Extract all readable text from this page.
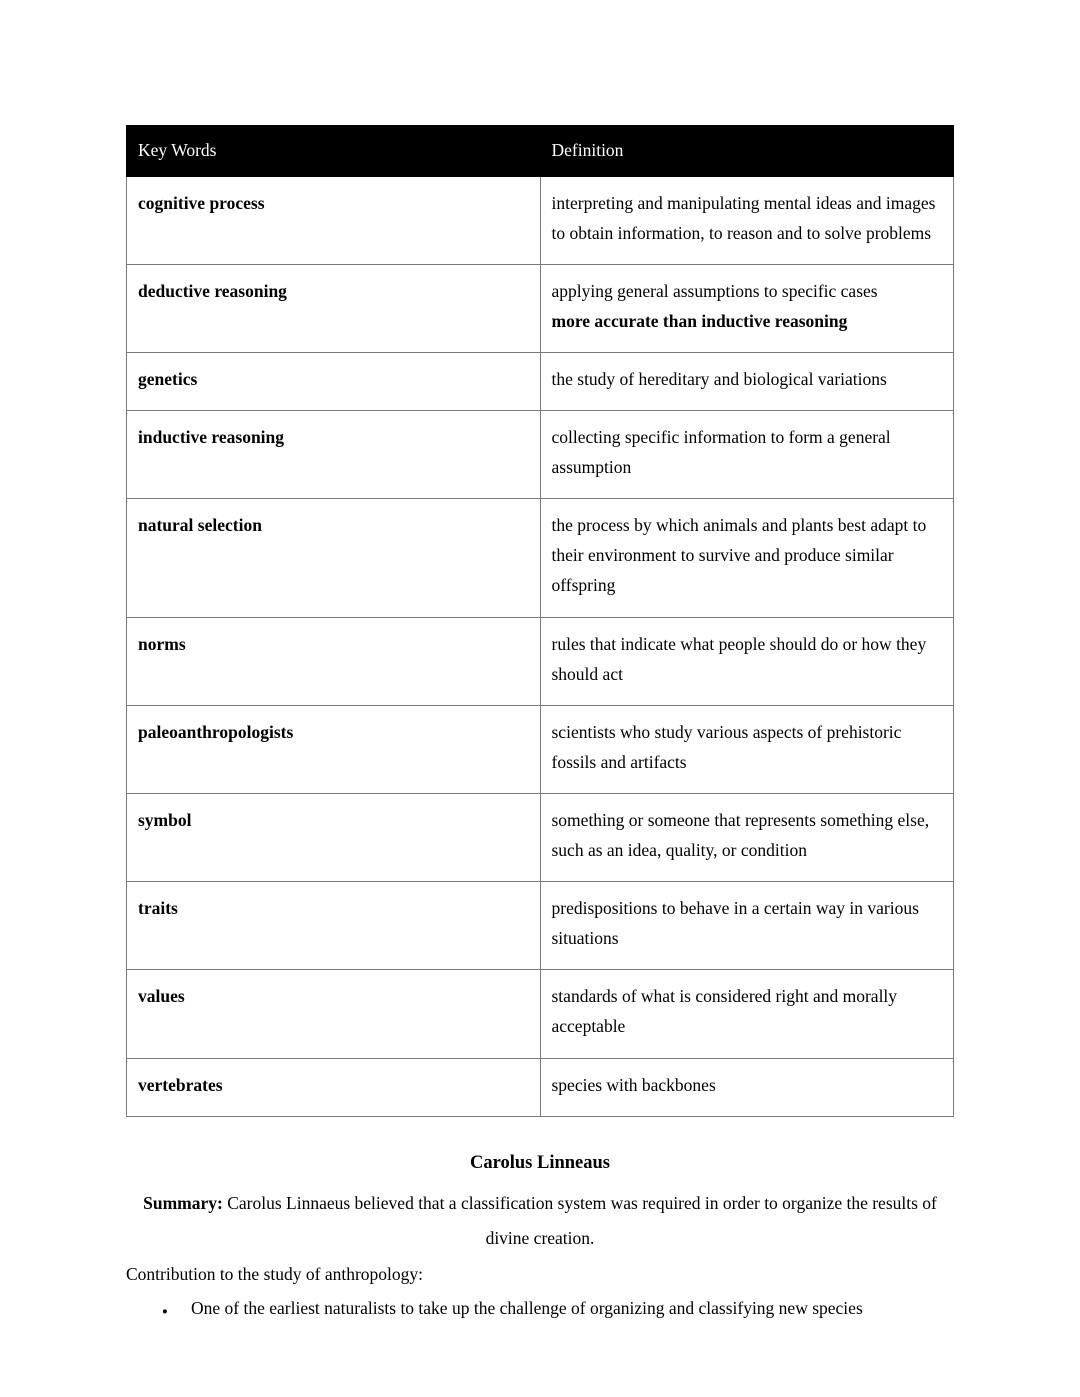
Key Words	Definition
cognitive process	interpreting and manipulating mental ideas and images to obtain information, to reason and to solve problems

deductive reasoning	applying general assumptions to specific cases
more accurate than inductive reasoning

genetics	the study of hereditary and biological variations

inductive reasoning	collecting specific information to form a general assumption

natural selection	the process by which animals and plants best adapt to their environment to survive and produce similar offspring

norms	rules that indicate what people should do or how they should act

paleoanthropologists	scientists who study various aspects of prehistoric fossils and artifacts

symbol	something or someone that represents something else, such as an idea, quality, or condition

traits	predispositions to behave in a certain way in various situations

values	standards of what is considered right and morally acceptable

vertebrates	species with backbones
Carolus Linneaus

Summary: Carolus Linnaeus believed that a classification system was required in order to organize the results of divine creation.

Contribution to the study of anthropology:

●	One of the earliest naturalists to take up the challenge of organizing and classifying new species
